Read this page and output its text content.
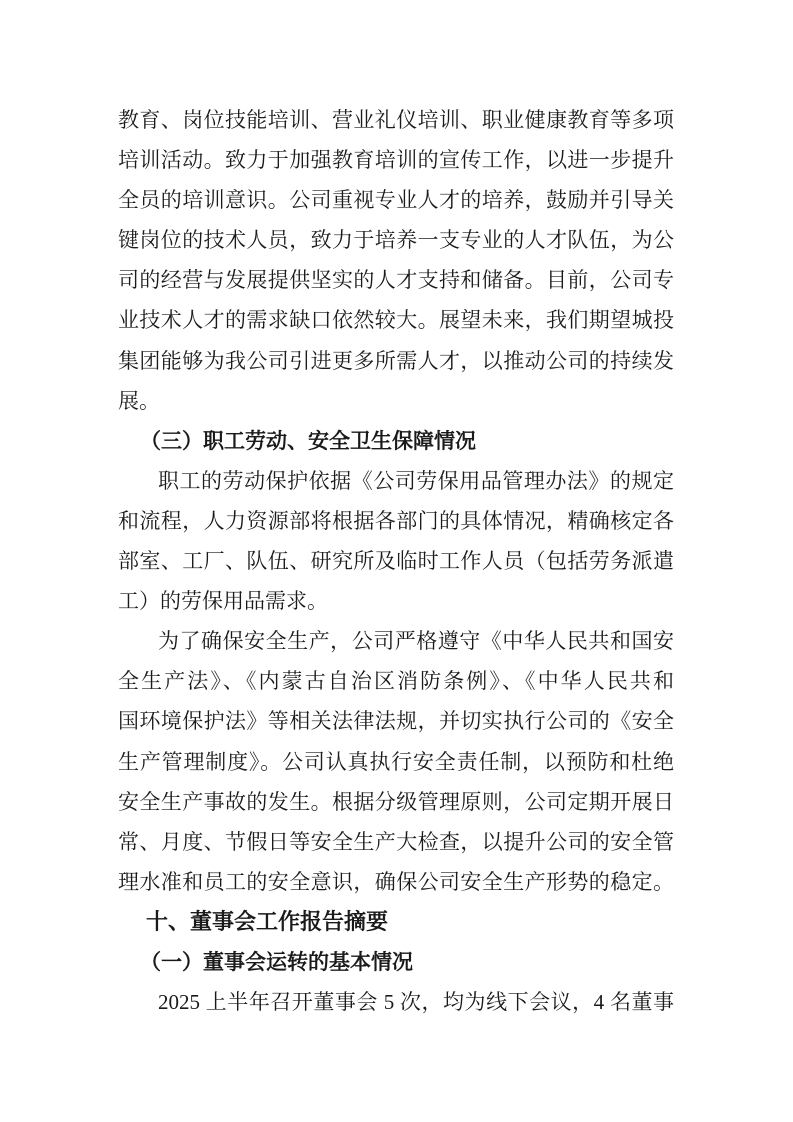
教育、岗位技能培训、营业礼仪培训、职业健康教育等多项
培训活动。致力于加强教育培训的宣传工作，以进一步提升
全员的培训意识。公司重视专业人才的培养，鼓励并引导关
键岗位的技术人员，致力于培养一支专业的人才队伍，为公
司的经营与发展提供坚实的人才支持和储备。目前，公司专
业技术人才的需求缺口依然较大。展望未来，我们期望城投
集团能够为我公司引进更多所需人才，以推动公司的持续发
展。
（三）职工劳动、安全卫生保障情况
职工的劳动保护依据《公司劳保用品管理办法》的规定
和流程，人力资源部将根据各部门的具体情况，精确核定各
部室、工厂、队伍、研究所及临时工作人员（包括劳务派遣
工）的劳保用品需求。
为了确保安全生产，公司严格遵守《中华人民共和国安
全生产法》、《内蒙古自治区消防条例》、《中华人民共和
国环境保护法》等相关法律法规，并切实执行公司的《安全
生产管理制度》。公司认真执行安全责任制，以预防和杜绝
安全生产事故的发生。根据分级管理原则，公司定期开展日
常、月度、节假日等安全生产大检查，以提升公司的安全管
理水准和员工的安全意识，确保公司安全生产形势的稳定。
十、董事会工作报告摘要
（一）董事会运转的基本情况
2025 上半年召开董事会 5 次，均为线下会议，4 名董事
